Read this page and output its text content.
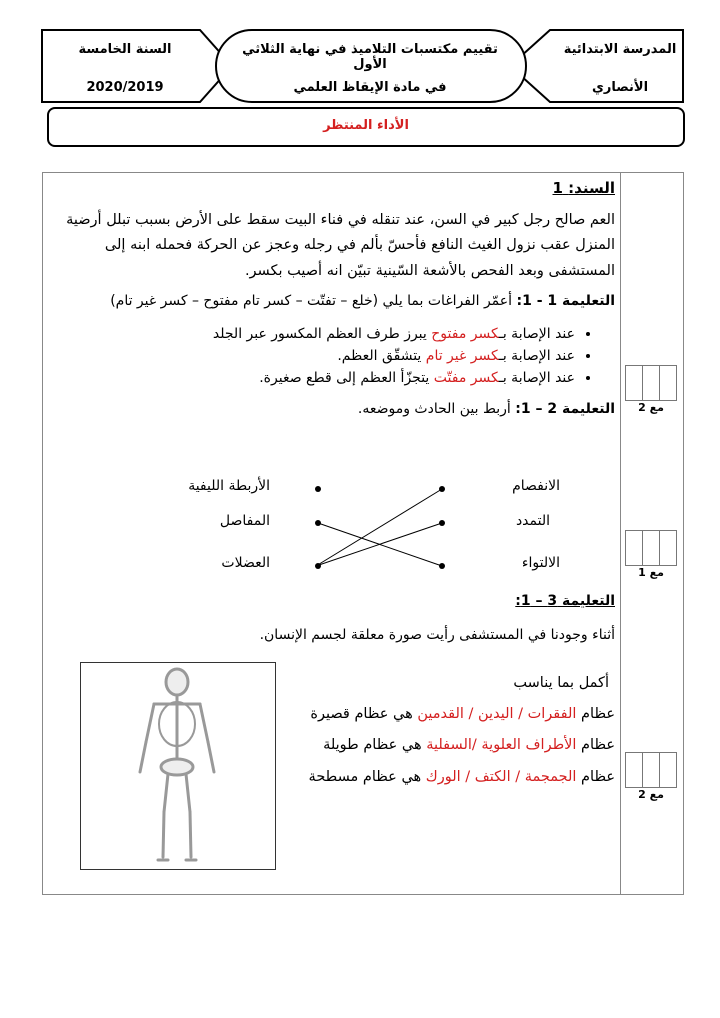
المدرسة الابتدائية
الأنصاري
تقييم مكتسبات التلاميذ في نهاية الثلاثي الأول
في مادة الإيقاظ العلمي
السنة الخامسة
2020/2019
الأداء المنتظر
السند: 1
العم صالح رجل كبير في السن، عند تنقله في فناء البيت سقط على الأرض بسبب تبلل أرضية المنزل عقب نزول الغيث النافع فأحسّ بألم في رجله وعجز عن الحركة فحمله ابنه إلى المستشفى وبعد الفحص بالأشعة السّينية تبيّن انه أصيب بكسر.
التعليمة 1 - 1: أعمّر الفراغات بما يلي (خلع – تفتّت – كسر تام مفتوح – كسر غير تام)
• عند الإصابة بـكسر مفتوح يبرز طرف العظم المكسور عبر الجلد
• عند الإصابة بـكسر غير تام يتشقّق العظم.
• عند الإصابة بـكسر مفتّت يتجزّأ العظم إلى قطع صغيرة.
التعليمة 2 – 1: أربط بين الحادث وموضعه.
الانفصام
التمدد
الالتواء
الأربطة الليفية
المفاصل
العضلات
التعليمة 3 – 1:
أثناء وجودنا في المستشفى رأيت صورة معلقة لجسم الإنسان.
أكمل بما يناسب
عظام الفقرات / اليدين / القدمين هي عظام قصيرة
عظام الأطراف العلوية /السفلية هي عظام طويلة
عظام الجمجمة / الكتف / الورك هي عظام مسطحة
مع 2
مع 1
مع 2
